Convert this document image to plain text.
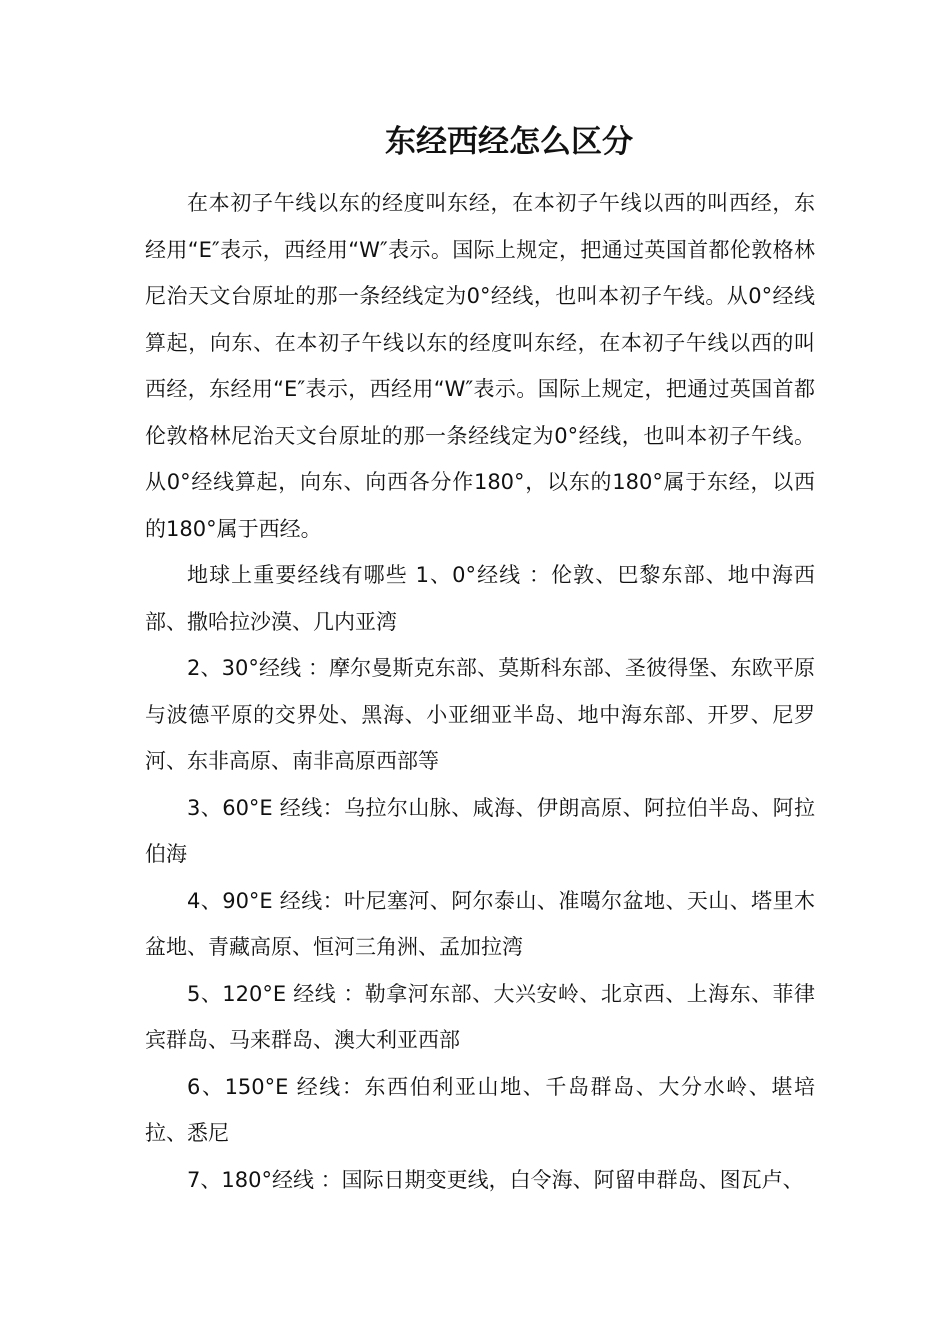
东经西经怎么区分

在本初子午线以东的经度叫东经，在本初子午线以西的叫西经，东经用“E″表示，西经用“W″表示。国际上规定，把通过英国首都伦敦格林尼治天文台原址的那一条经线定为0°经线，也叫本初子午线。从0°经线算起，向东、在本初子午线以东的经度叫东经，在本初子午线以西的叫西经，东经用“E″表示，西经用“W″表示。国际上规定，把通过英国首都伦敦格林尼治天文台原址的那一条经线定为0°经线，也叫本初子午线。从0°经线算起，向东、向西各分作180°，以东的180°属于东经，以西的180°属于西经。

地球上重要经线有哪些 1、0°经线 ：伦敦、巴黎东部、地中海西部、撒哈拉沙漠、几内亚湾

2、30°经线 ：摩尔曼斯克东部、莫斯科东部、圣彼得堡、东欧平原与波德平原的交界处、黑海、小亚细亚半岛、地中海东部、开罗、尼罗河、东非高原、南非高原西部等

3、60°E 经线：乌拉尔山脉、咸海、伊朗高原、阿拉伯半岛、阿拉伯海

4、90°E 经线：叶尼塞河、阿尔泰山、准噶尔盆地、天山、塔里木盆地、青藏高原、恒河三角洲、孟加拉湾

5、120°E 经线 ：勒拿河东部、大兴安岭、北京西、上海东、菲律宾群岛、马来群岛、澳大利亚西部

6、150°E 经线：东西伯利亚山地、千岛群岛、大分水岭、堪培拉、悉尼

7、180°经线 ：国际日期变更线，白令海、阿留申群岛、图瓦卢、
